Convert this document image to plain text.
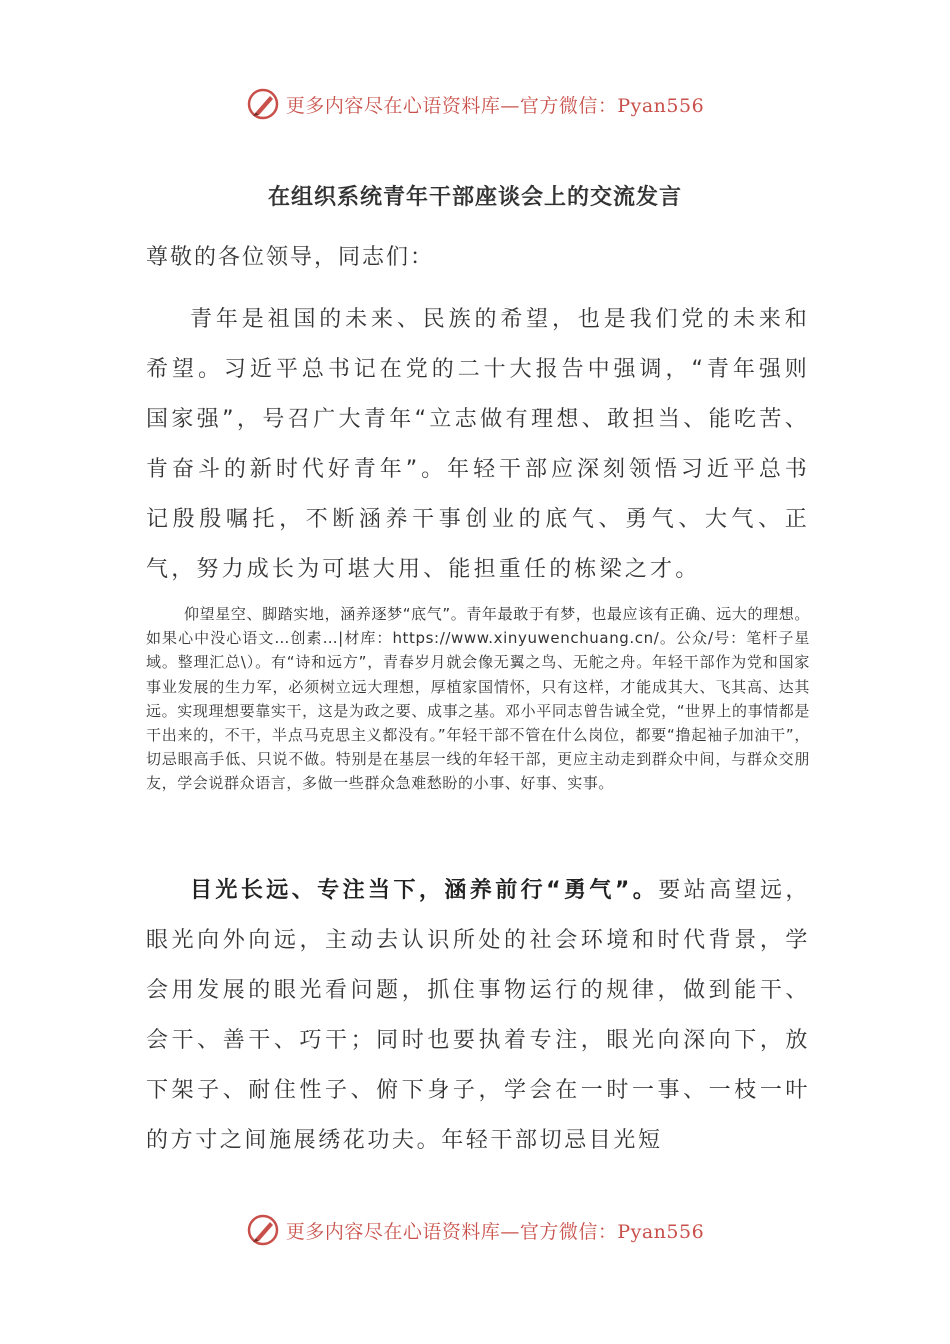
更多内容尽在心语资料库—官方微信：Pyan556
在组织系统青年干部座谈会上的交流发言
尊敬的各位领导，同志们：

青年是祖国的未来、民族的希望，也是我们党的未来和希望。习近平总书记在党的二十大报告中强调，“青年强则国家强”，号召广大青年“立志做有理想、敢担当、能吃苦、肯奋斗的新时代好青年”。年轻干部应深刻领悟习近平总书记殷殷嘱托，不断涵养干事创业的底气、勇气、大气、正气，努力成长为可堪大用、能担重任的栋梁之才。

仰望星空、脚踏实地，涵养逐梦“底气”。青年最敢于有梦，也最应该有正确、远大的理想。如果心中没心语文…创素…|材库：https://www.xinyuwenchuang.cn/。公众/号：笔杆子星域。整理汇总\）。有“诗和远方”，青春岁月就会像无翼之鸟、无舵之舟。年轻干部作为党和国家事业发展的生力军，必须树立远大理想，厚植家国情怀，只有这样，才能成其大、飞其高、达其远。实现理想要靠实干，这是为政之要、成事之基。邓小平同志曾告诫全党，“世界上的事情都是干出来的，不干，半点马克思主义都没有。”年轻干部不管在什么岗位，都要“撸起袖子加油干”，切忌眼高手低、只说不做。特别是在基层一线的年轻干部，更应主动走到群众中间，与群众交朋友，学会说群众语言，多做一些群众急难愁盼的小事、好事、实事。

目光长远、专注当下，涵养前行“勇气”。要站高望远，眼光向外向远，主动去认识所处的社会环境和时代背景，学会用发展的眼光看问题，抓住事物运行的规律，做到能干、会干、善干、巧干；同时也要执着专注，眼光向深向下，放下架子、耐住性子、俯下身子，学会在一时一事、一枝一叶的方寸之间施展绣花功夫。年轻干部切忌目光短

更多内容尽在心语资料库—官方微信：Pyan556
